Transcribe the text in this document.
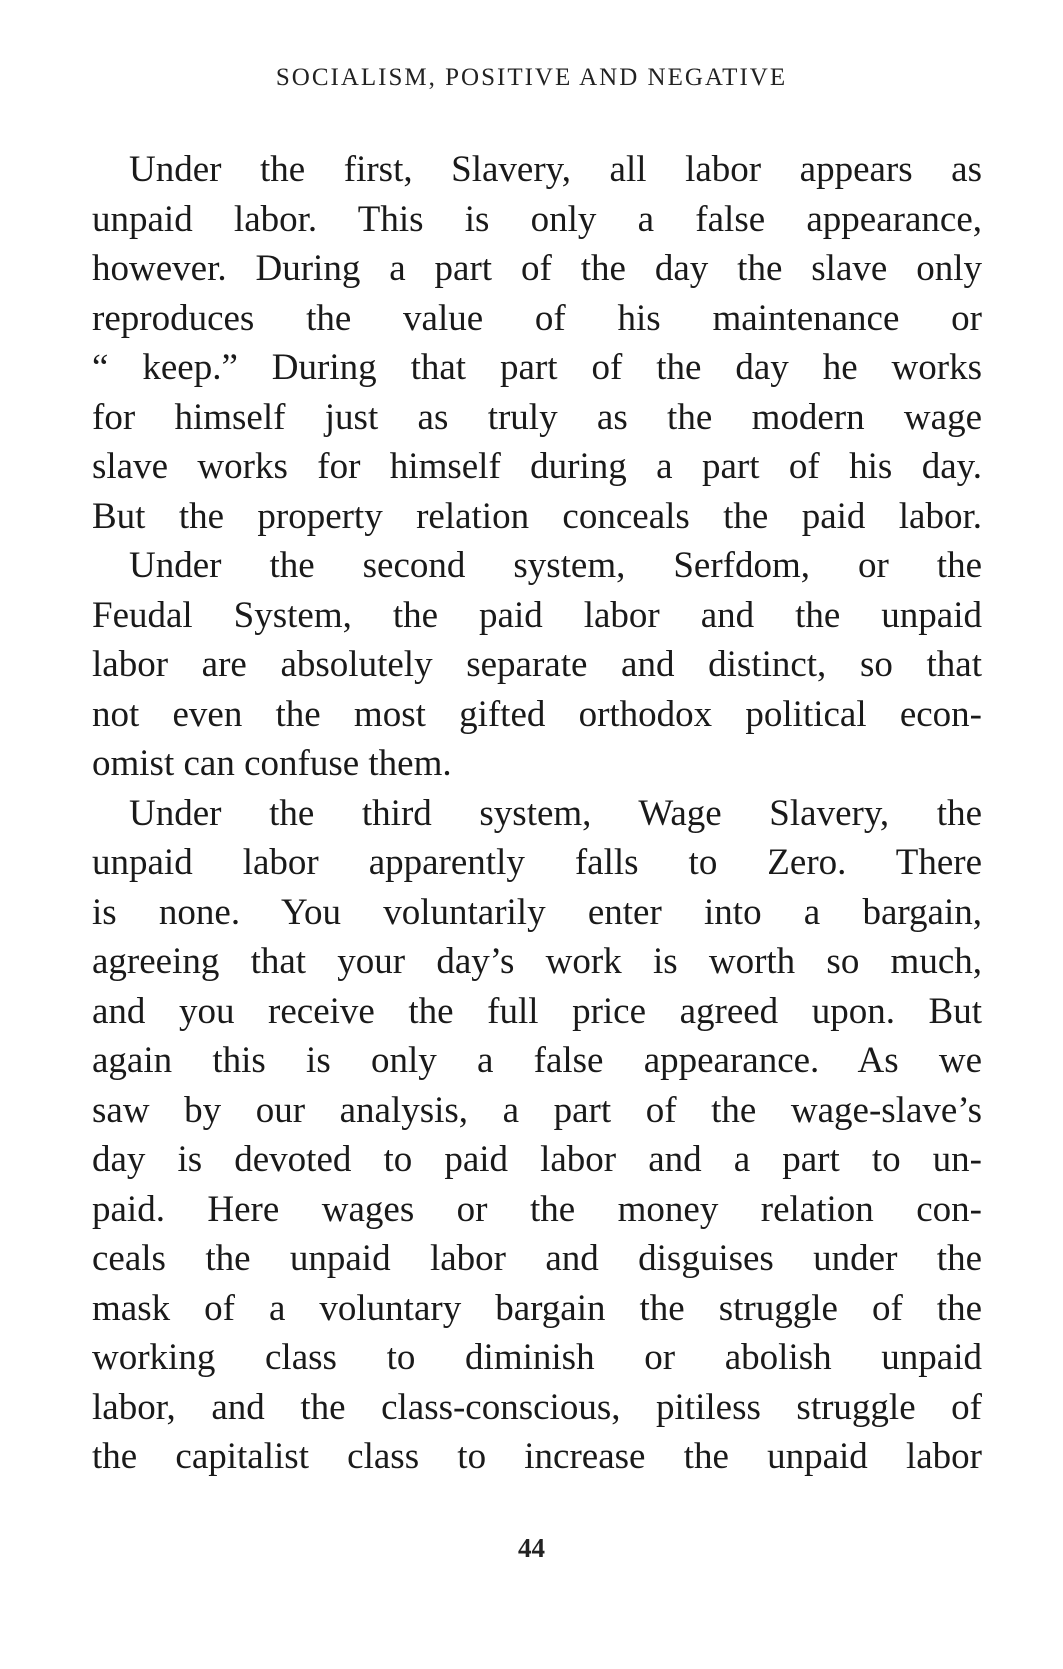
SOCIALISM, POSITIVE AND NEGATIVE
Under the first, Slavery, all labor appears as
unpaid labor. This is only a false appearance,
however. During a part of the day the slave only
reproduces the value of his maintenance or
“ keep.” During that part of the day he works
for himself just as truly as the modern wage
slave works for himself during a part of his day.
But the property relation conceals the paid labor.
Under the second system, Serfdom, or the
Feudal System, the paid labor and the unpaid
labor are absolutely separate and distinct, so that
not even the most gifted orthodox political econ-
omist can confuse them.
Under the third system, Wage Slavery, the
unpaid labor apparently falls to Zero. There
is none. You voluntarily enter into a bargain,
agreeing that your day’s work is worth so much,
and you receive the full price agreed upon. But
again this is only a false appearance. As we
saw by our analysis, a part of the wage-slave’s
day is devoted to paid labor and a part to un-
paid. Here wages or the money relation con-
ceals the unpaid labor and disguises under the
mask of a voluntary bargain the struggle of the
working class to diminish or abolish unpaid
labor, and the class-conscious, pitiless struggle of
the capitalist class to increase the unpaid labor
44
